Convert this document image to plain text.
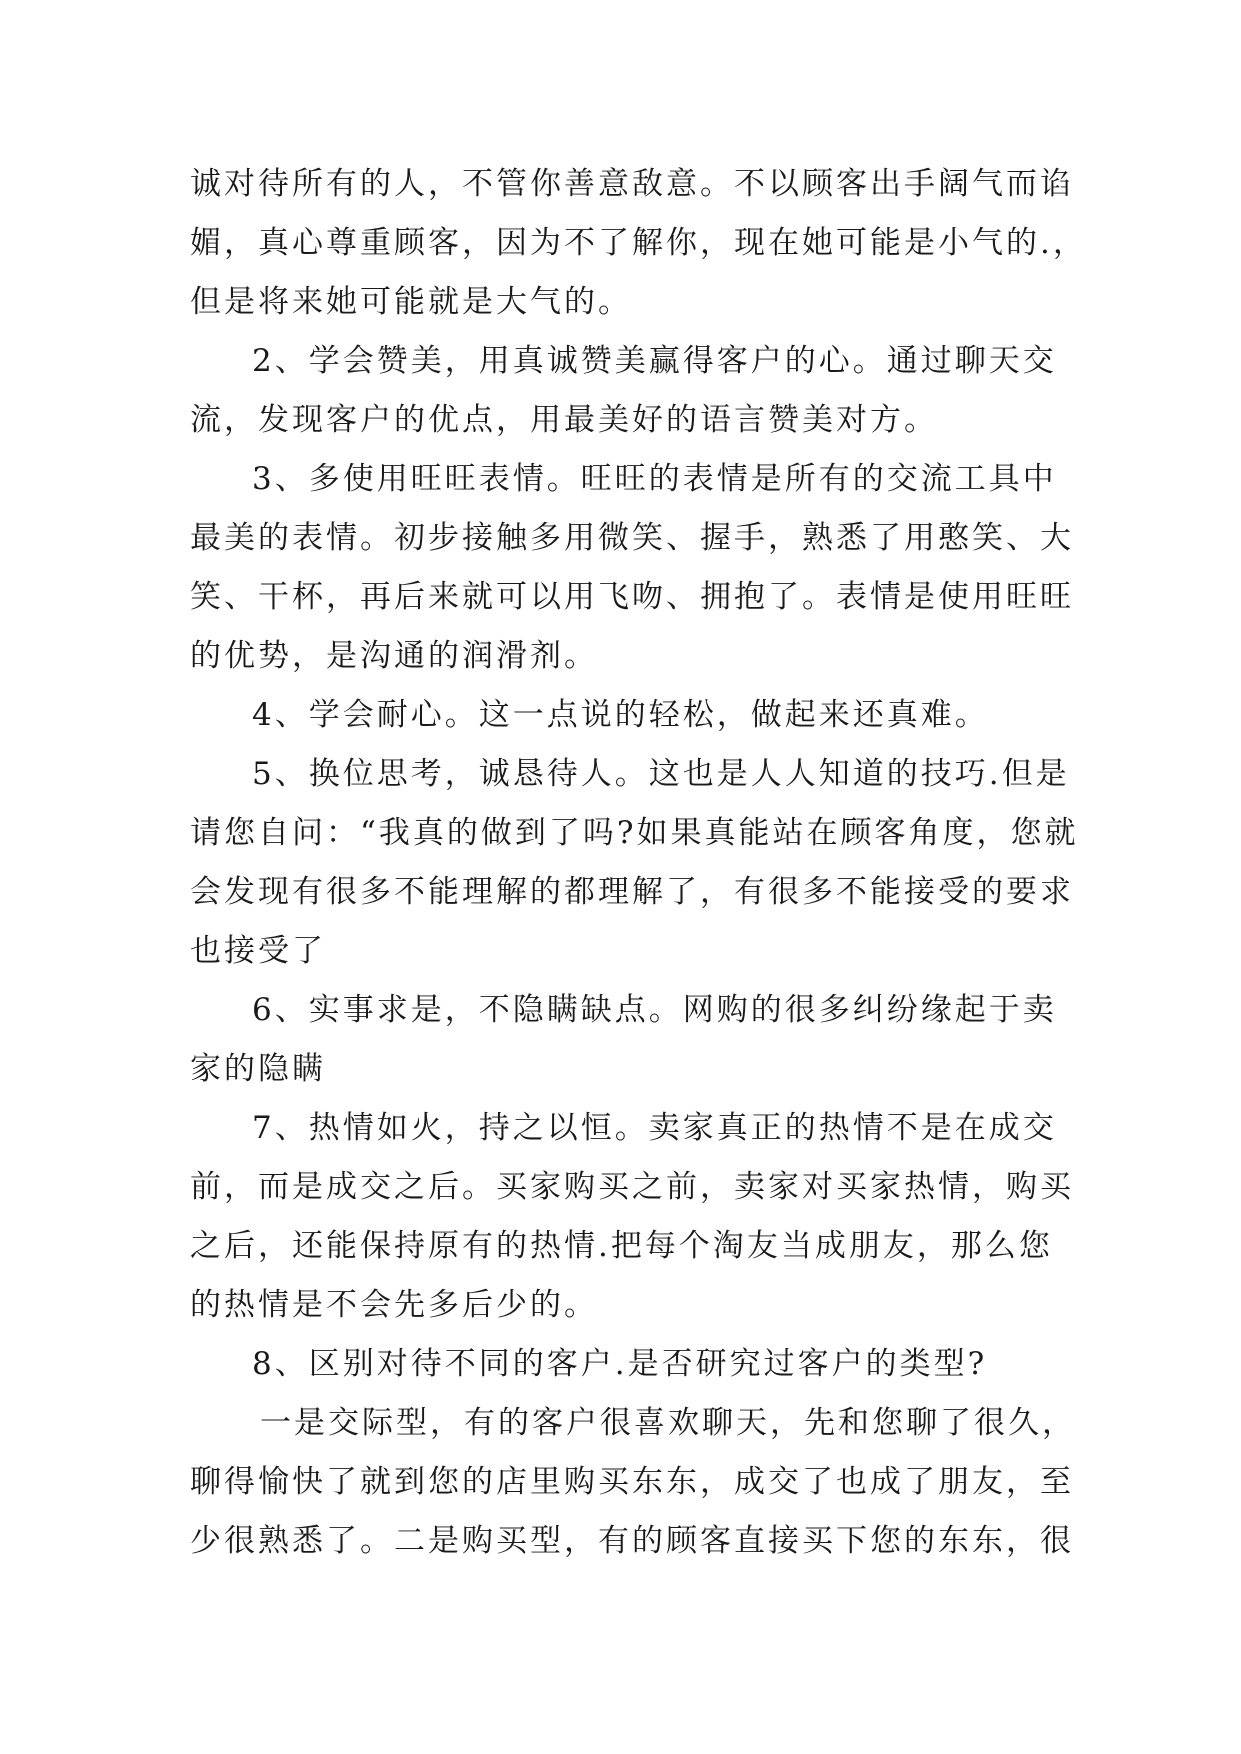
诚对待所有的人，不管你善意敌意。不以顾客出手阔气而谄
媚，真心尊重顾客，因为不了解你，现在她可能是小气的.，
但是将来她可能就是大气的。
2、学会赞美，用真诚赞美赢得客户的心。通过聊天交
流，发现客户的优点，用最美好的语言赞美对方。
3、多使用旺旺表情。旺旺的表情是所有的交流工具中
最美的表情。初步接触多用微笑、握手，熟悉了用憨笑、大
笑、干杯，再后来就可以用飞吻、拥抱了。表情是使用旺旺
的优势，是沟通的润滑剂。
4、学会耐心。这一点说的轻松，做起来还真难。
5、换位思考，诚恳待人。这也是人人知道的技巧.但是
请您自问：“我真的做到了吗?如果真能站在顾客角度，您就
会发现有很多不能理解的都理解了，有很多不能接受的要求
也接受了
6、实事求是，不隐瞒缺点。网购的很多纠纷缘起于卖
家的隐瞒
7、热情如火，持之以恒。卖家真正的热情不是在成交
前，而是成交之后。买家购买之前，卖家对买家热情，购买
之后，还能保持原有的热情.把每个淘友当成朋友，那么您
的热情是不会先多后少的。
8、区别对待不同的客户.是否研究过客户的类型?
一是交际型，有的客户很喜欢聊天，先和您聊了很久，
聊得愉快了就到您的店里购买东东，成交了也成了朋友，至
少很熟悉了。二是购买型，有的顾客直接买下您的东东，很
